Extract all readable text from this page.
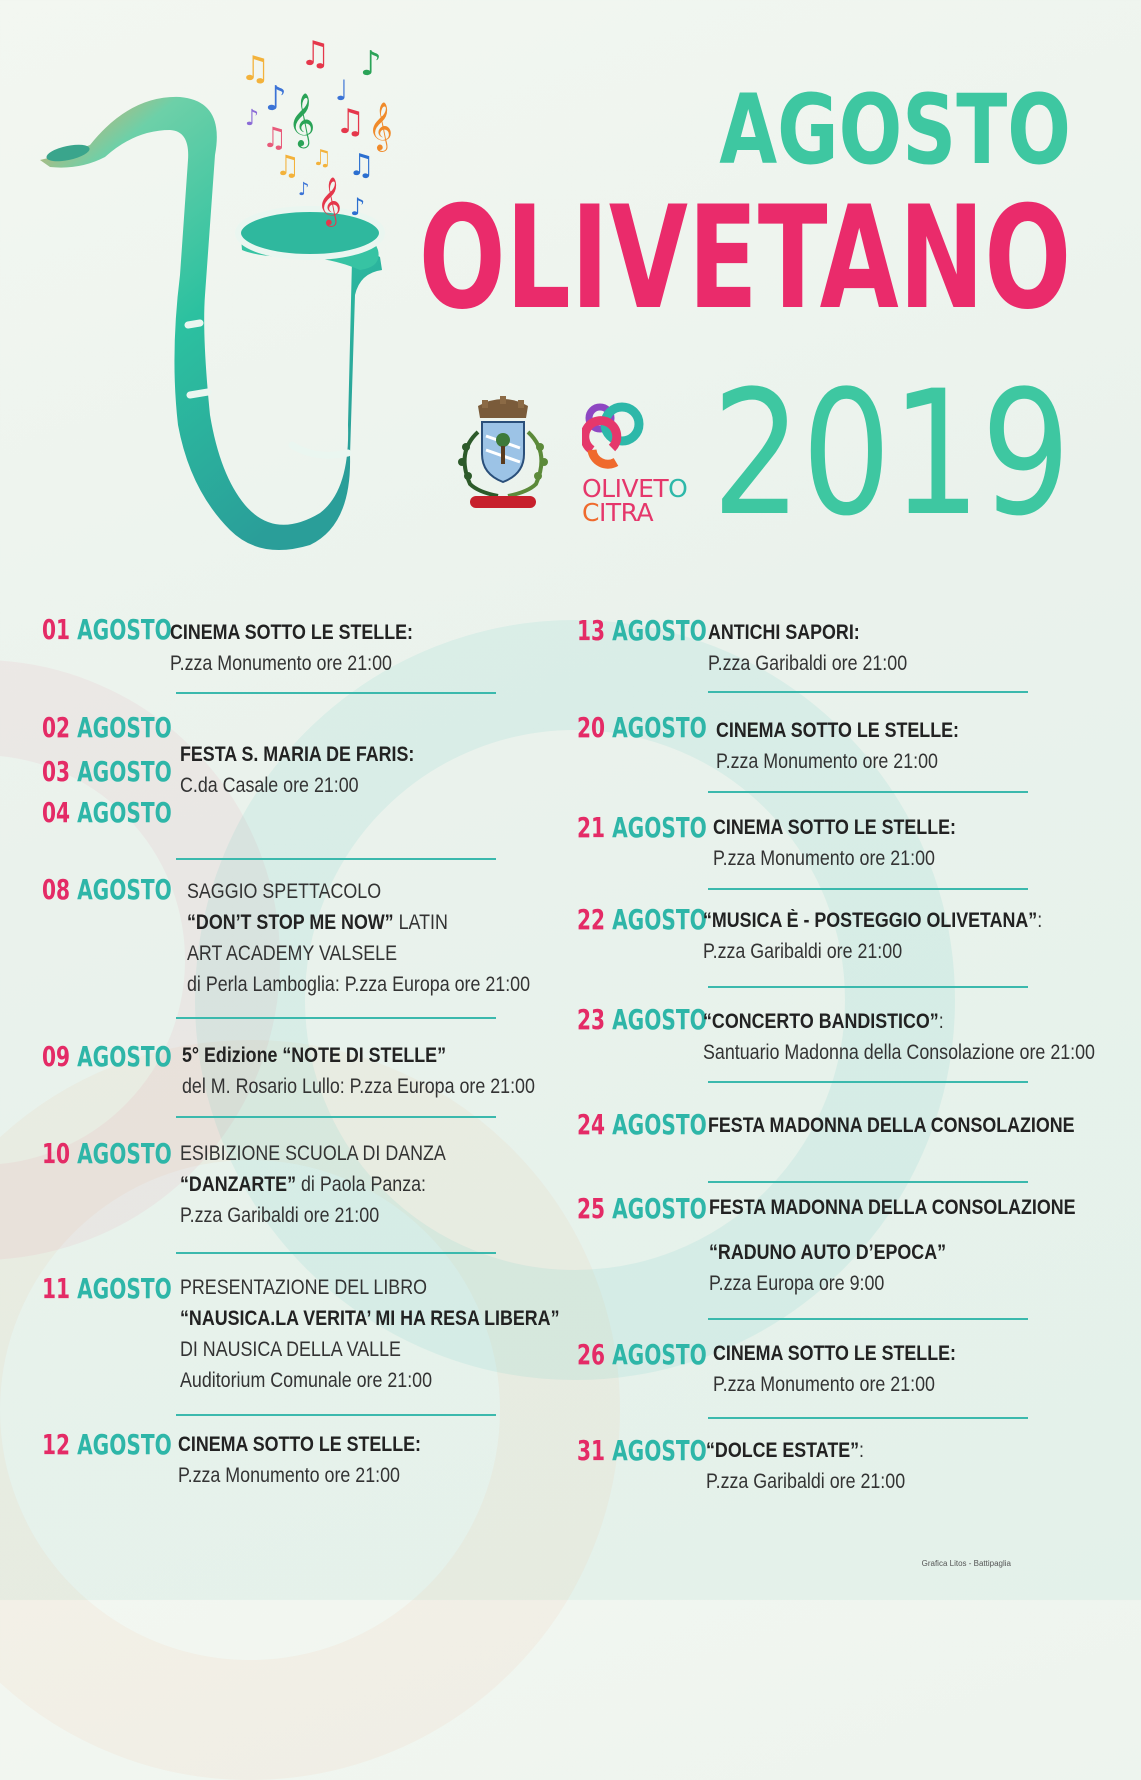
♫ ♫ ♪
♪ 𝄞
♩
♫ 𝄞
♪
♫
♫ ♫ ♫
♪ 𝄞 ♪
AGOSTO
OLIVETANO
2019
OLIVETO
CITRA
01 AGOSTO
CINEMA SOTTO LE STELLE:
P.zza Monumento ore 21:00
02 AGOSTO
03 AGOSTO
04 AGOSTO
FESTA S. MARIA DE FARIS:
C.da Casale ore 21:00
08 AGOSTO SAGGIO SPETTACOLO
“DON’T STOP ME NOW” LATIN
ART ACADEMY VALSELE
di Perla Lamboglia: P.zza Europa ore 21:00
09 AGOSTO 5° Edizione “NOTE DI STELLE”
del M. Rosario Lullo: P.zza Europa ore 21:00
10 AGOSTO ESIBIZIONE SCUOLA DI DANZA
“DANZARTE” di Paola Panza:
P.zza Garibaldi ore 21:00
11 AGOSTO PRESENTAZIONE DEL LIBRO
“NAUSICA.LA VERITA’ MI HA RESA LIBERA”
DI NAUSICA DELLA VALLE
Auditorium Comunale ore 21:00
12 AGOSTO CINEMA SOTTO LE STELLE:
P.zza Monumento ore 21:00
13 AGOSTO ANTICHI SAPORI:
P.zza Garibaldi ore 21:00
20 AGOSTO CINEMA SOTTO LE STELLE:
P.zza Monumento ore 21:00
21 AGOSTO CINEMA SOTTO LE STELLE:
P.zza Monumento ore 21:00
22 AGOSTO
“MUSICA È - POSTEGGIO OLIVETANA”:
P.zza Garibaldi ore 21:00
23 AGOSTO
“CONCERTO BANDISTICO”:
Santuario Madonna della Consolazione ore 21:00
24 AGOSTO FESTA MADONNA DELLA CONSOLAZIONE
25 AGOSTO FESTA MADONNA DELLA CONSOLAZIONE
“RADUNO AUTO D’EPOCA”
P.zza Europa ore 9:00
26 AGOSTO CINEMA SOTTO LE STELLE:
P.zza Monumento ore 21:00
31 AGOSTO “DOLCE ESTATE”:
P.zza Garibaldi ore 21:00
Grafica Litos - Battipaglia
